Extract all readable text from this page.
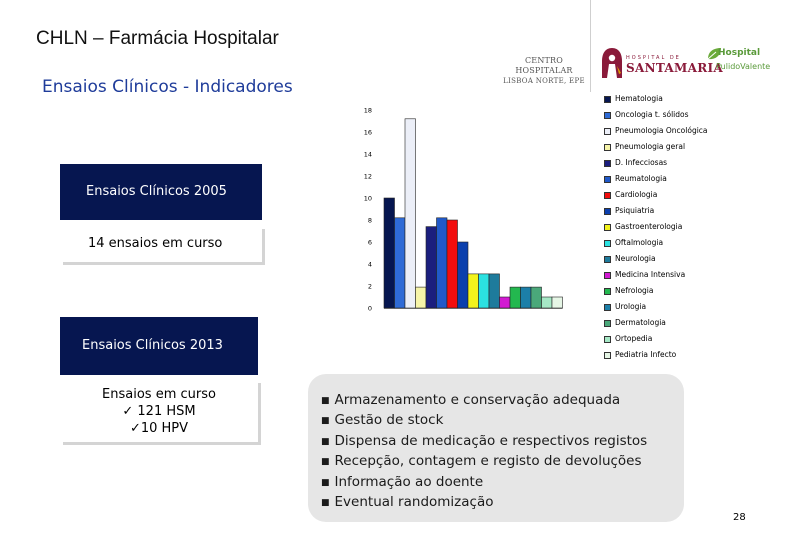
CHLN – Farmácia Hospitalar
Ensaios Clínicos - Indicadores
CENTRO HOSPITALAR
LISBOA NORTE, EPE
HOSPITAL DE
SANTAMARIA
Hospital
PulidoValente
Ensaios Clínicos 2005
14 ensaios em curso
Ensaios Clínicos 2013
Ensaios em curso
✓ 121 HSM
✓10 HPV
0
2
4
6
8
10
12
14
16
18
Hematologia
Oncologia t. sólidos
Pneumologia Oncológica
Pneumologia geral
D. Infecciosas
Reumatologia
Cardiologia
Psiquiatria
Gastroenterologia
Oftalmologia
Neurologia
Medicina Intensiva
Nefrologia
Urologia
Dermatologia
Ortopedia
Pediatria Infecto
■ Armazenamento e conservação adequada
■ Gestão de stock
■ Dispensa de medicação e respectivos registos
■ Recepção, contagem e registo de devoluções
■ Informação ao doente
■ Eventual randomização
28
